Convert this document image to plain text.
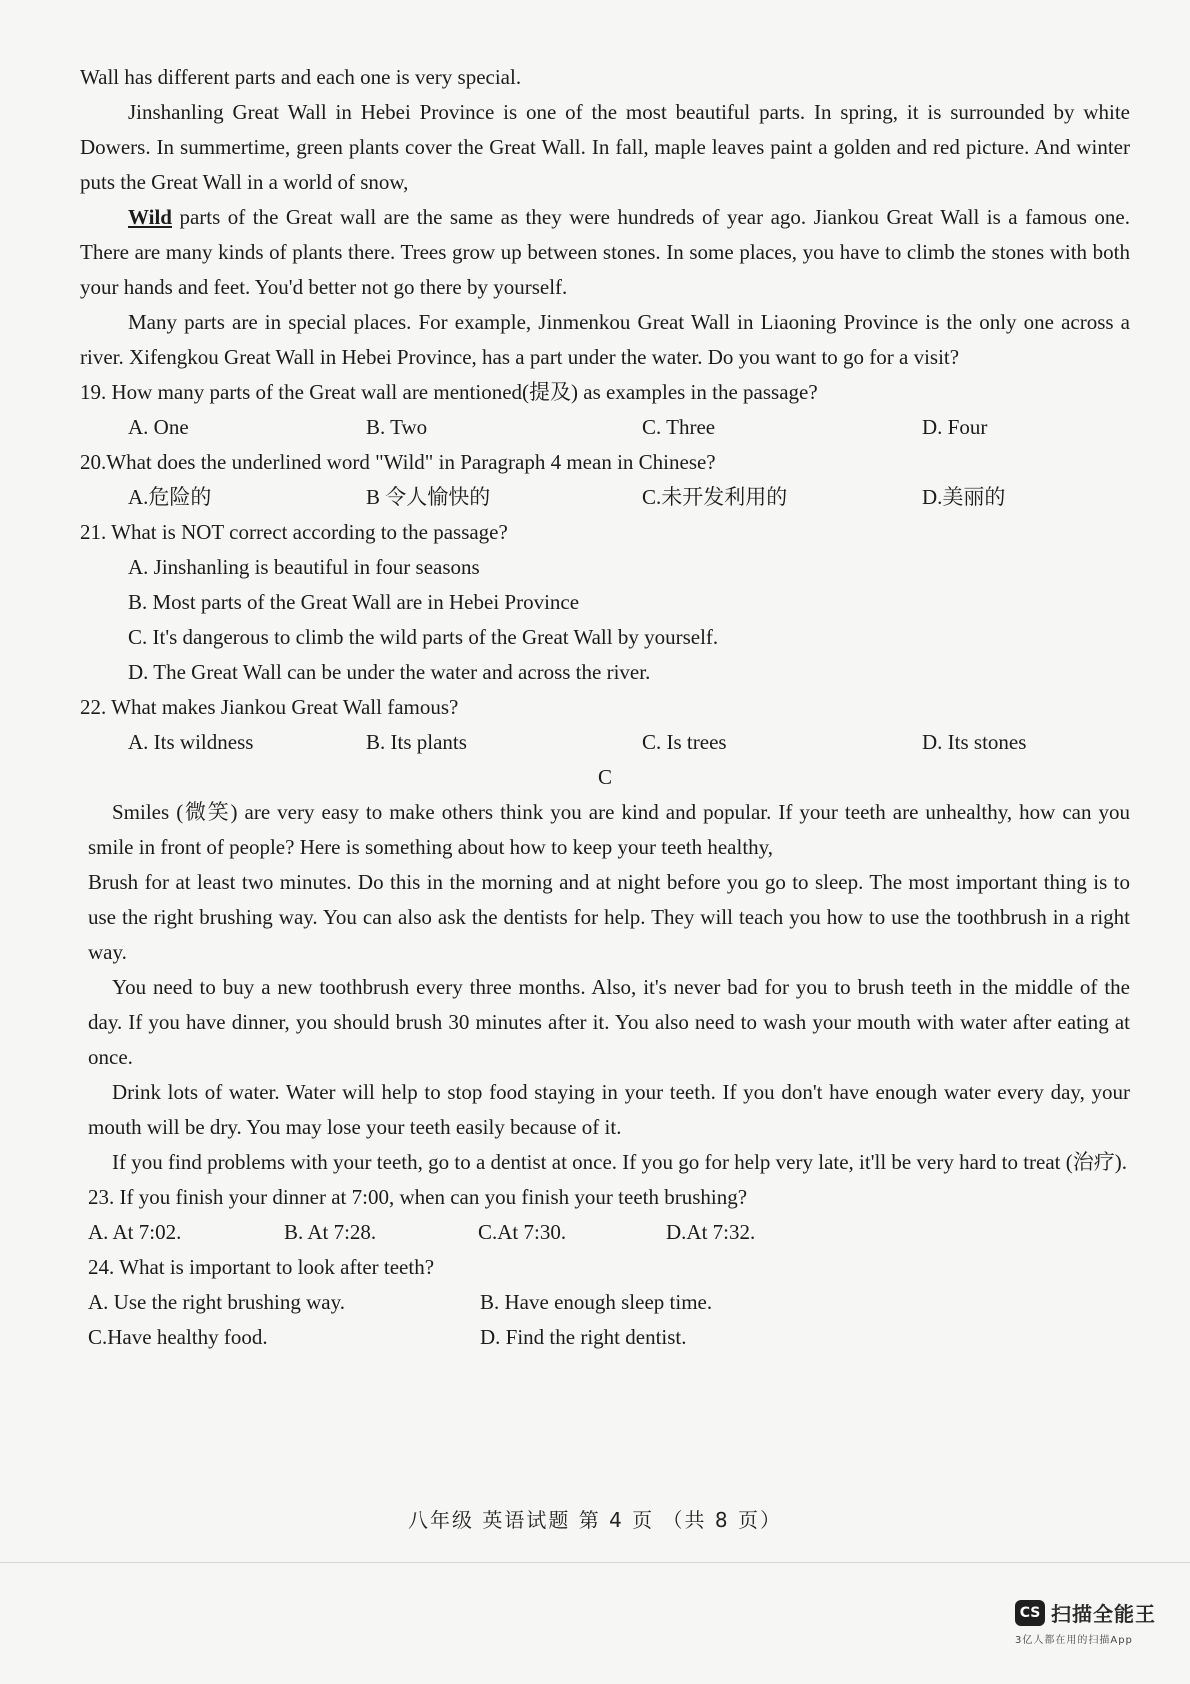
Wall has different parts and each one is very special.

Jinshanling Great Wall in Hebei Province is one of the most beautiful parts. In spring, it is surrounded by white Dowers. In summertime, green plants cover the Great Wall. In fall, maple leaves paint a golden and red picture. And winter puts the Great Wall in a world of snow,

Wild parts of the Great wall are the same as they were hundreds of year ago. Jiankou Great Wall is a famous one. There are many kinds of plants there. Trees grow up between stones. In some places, you have to climb the stones with both your hands and feet. You'd better not go there by yourself.

Many parts are in special places. For example, Jinmenkou Great Wall in Liaoning Province is the only one across a river. Xifengkou Great Wall in Hebei Province, has a part under the water. Do you want to go for a visit?

19. How many parts of the Great wall are mentioned(提及) as examples in the passage?

A. One	B. Two	C. Three	D. Four

20.What does the underlined word "Wild" in Paragraph 4 mean in Chinese?

A.危险的	B 令人愉快的	C.未开发利用的	D.美丽的

21. What is NOT correct according to the passage?

A. Jinshanling is beautiful in four seasons
B. Most parts of the Great Wall are in Hebei Province
C. It's dangerous to climb the wild parts of the Great Wall by yourself.
D. The Great Wall can be under the water and across the river.

22. What makes Jiankou Great Wall famous?

A. Its wildness	B. Its plants	C. Is trees	D. Its stones

C

Smiles (微笑) are very easy to make others think you are kind and popular. If your teeth are unhealthy, how can you smile in front of people? Here is something about how to keep your teeth healthy,

Brush for at least two minutes. Do this in the morning and at night before you go to sleep. The most important thing is to use the right brushing way. You can also ask the dentists for help. They will teach you how to use the toothbrush in a right way.

You need to buy a new toothbrush every three months. Also, it's never bad for you to brush teeth in the middle of the day. If you have dinner, you should brush 30 minutes after it. You also need to wash your mouth with water after eating at once.

Drink lots of water. Water will help to stop food staying in your teeth. If you don't have enough water every day, your mouth will be dry. You may lose your teeth easily because of it.

If you find problems with your teeth, go to a dentist at once. If you go for help very late, it'll be very hard to treat (治疗).

23. If you finish your dinner at 7:00, when can you finish your teeth brushing?

A. At 7:02.	B. At 7:28.	C.At 7:30.	D.At 7:32.

24. What is important to look after teeth?

A. Use the right brushing way.	B. Have enough sleep time.
C.Have healthy food.	D. Find the right dentist.
八年级 英语试题 第 4 页 （共 8 页）
CS 扫描全能王
3亿人都在用的扫描App
